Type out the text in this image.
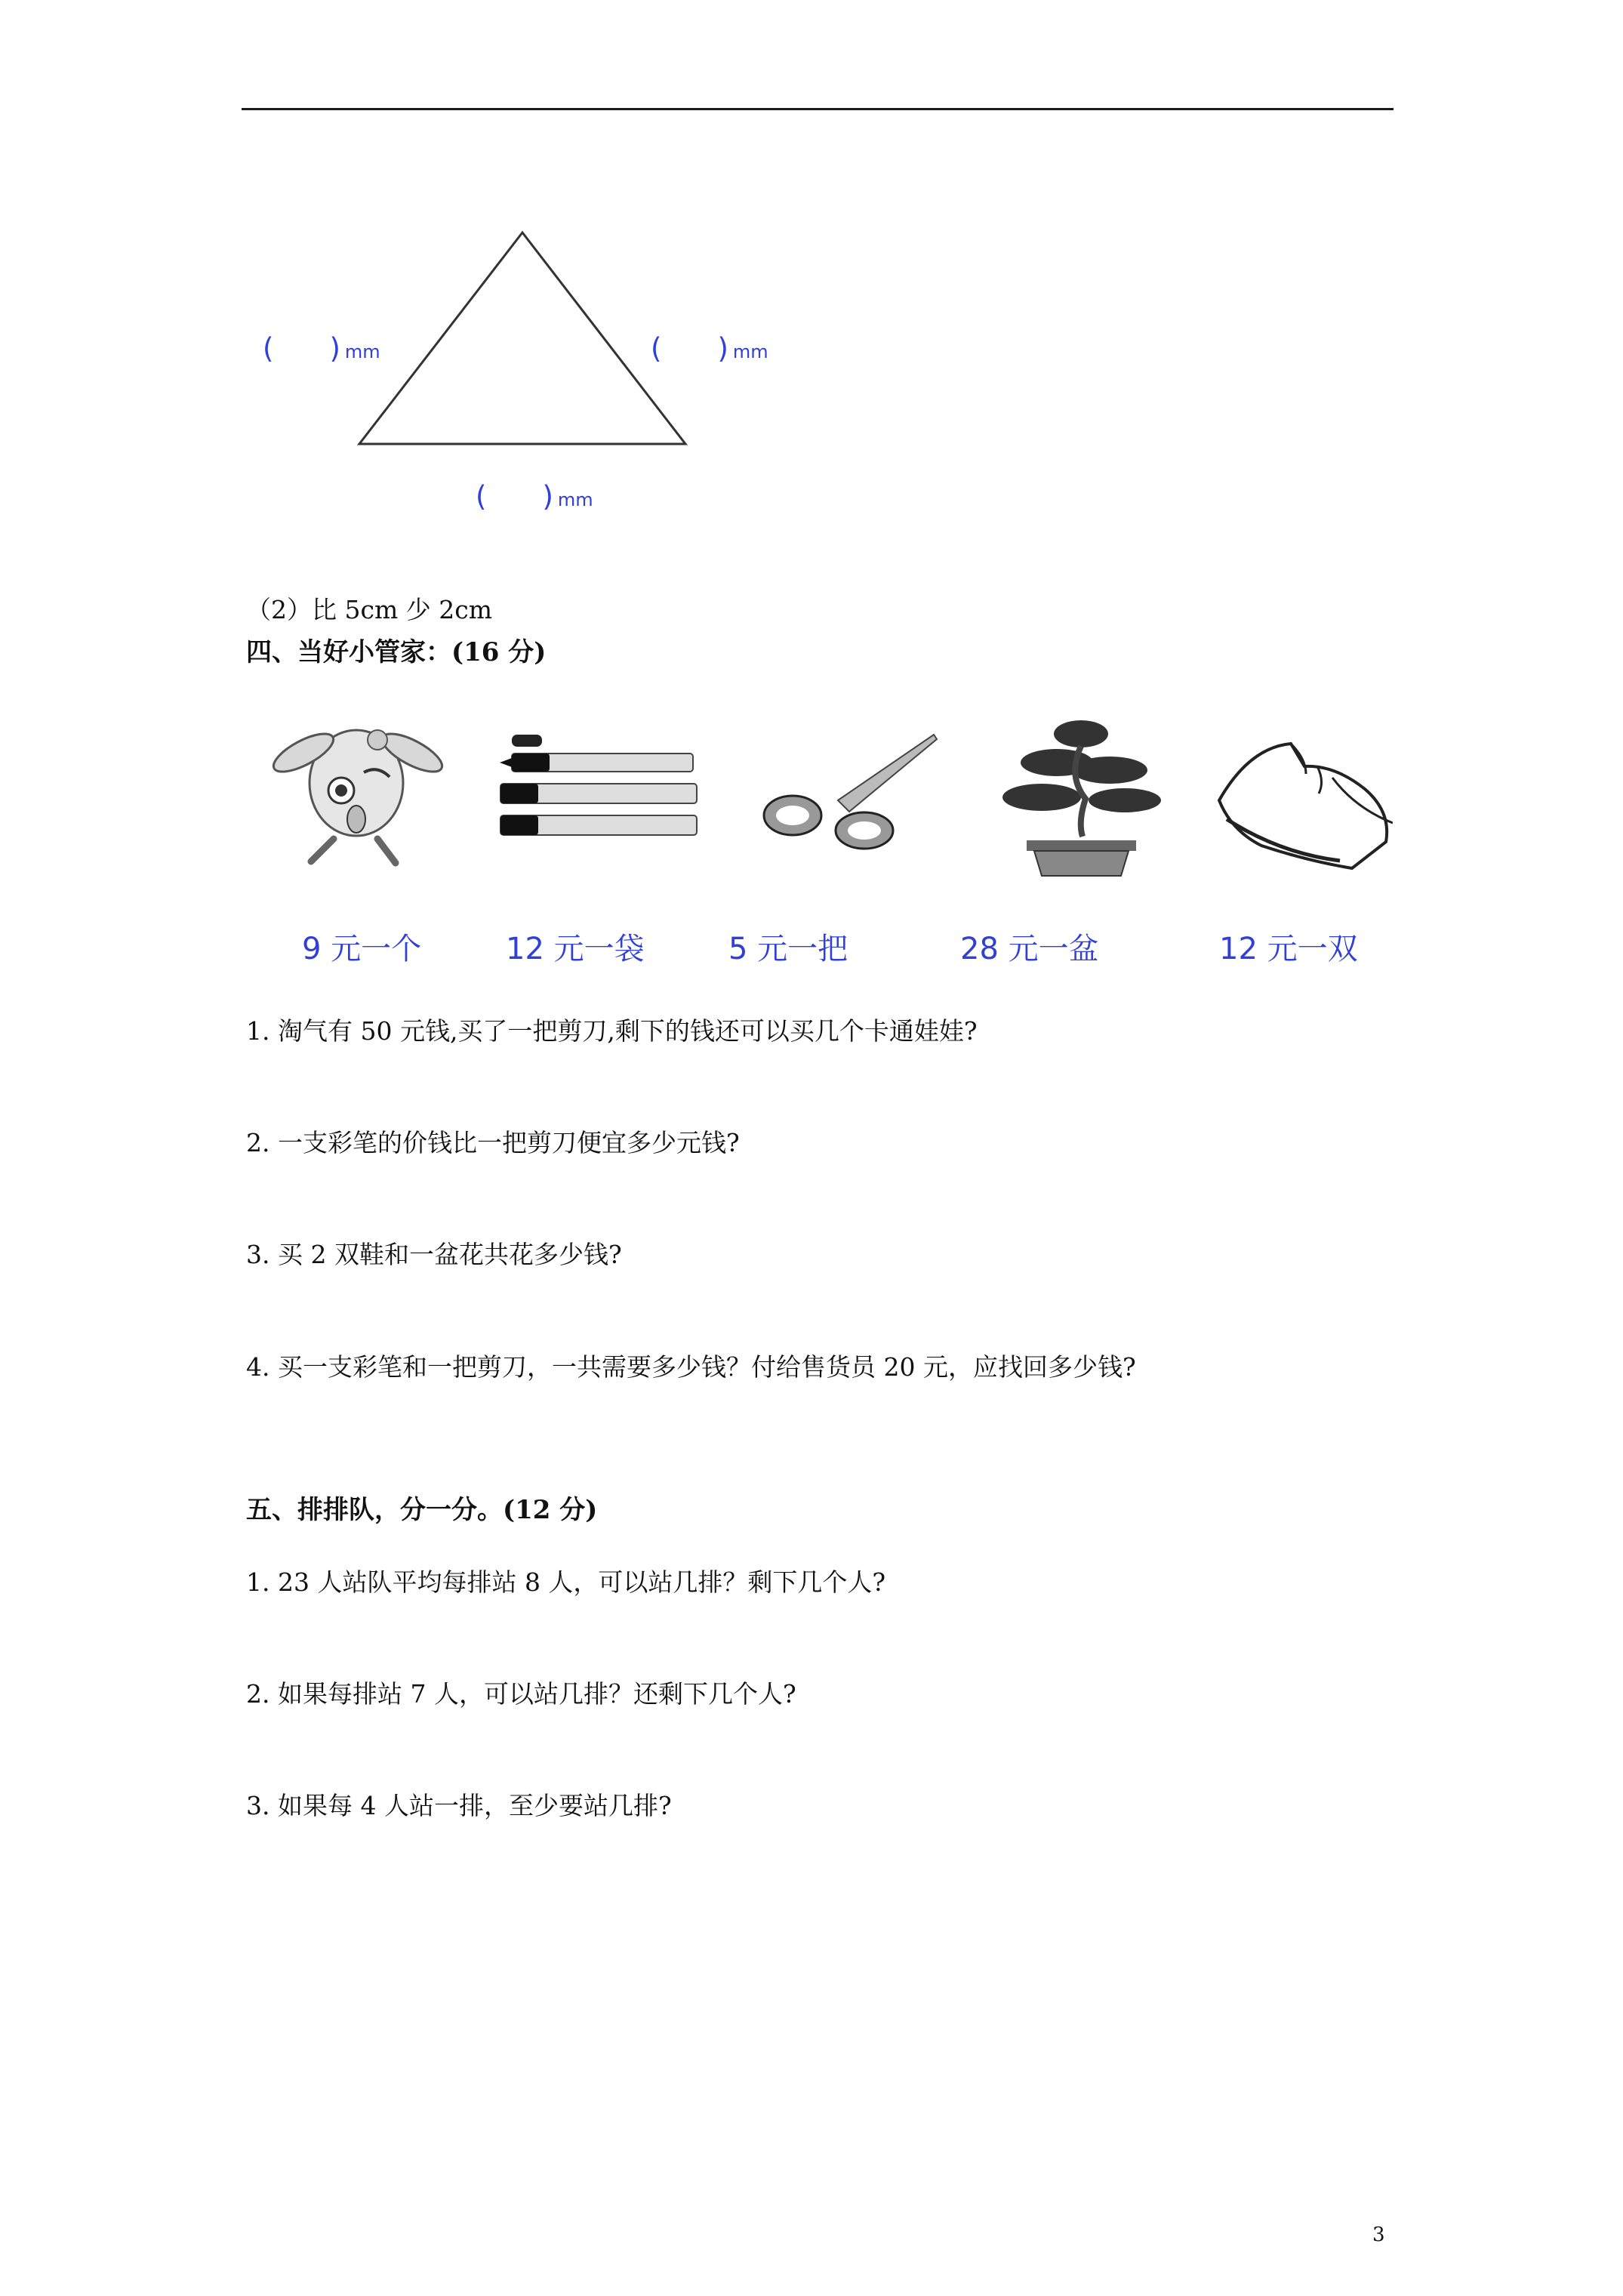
( ) mm	( ) mm
( ) mm
（2）比 5cm 少 2cm
四、当好小管家：(16 分)
9 元一个	12 元一袋	5 元一把	28 元一盆	12 元一双
1. 淘气有 50 元钱,买了一把剪刀,剩下的钱还可以买几个卡通娃娃?
2. 一支彩笔的价钱比一把剪刀便宜多少元钱?
3. 买 2 双鞋和一盆花共花多少钱?
4. 买一支彩笔和一把剪刀，一共需要多少钱？付给售货员 20 元，应找回多少钱?
五、排排队，分一分。(12 分)
1. 23 人站队平均每排站 8 人，可以站几排？剩下几个人?
2. 如果每排站 7 人，可以站几排？还剩下几个人?
3. 如果每 4 人站一排，至少要站几排?
3
